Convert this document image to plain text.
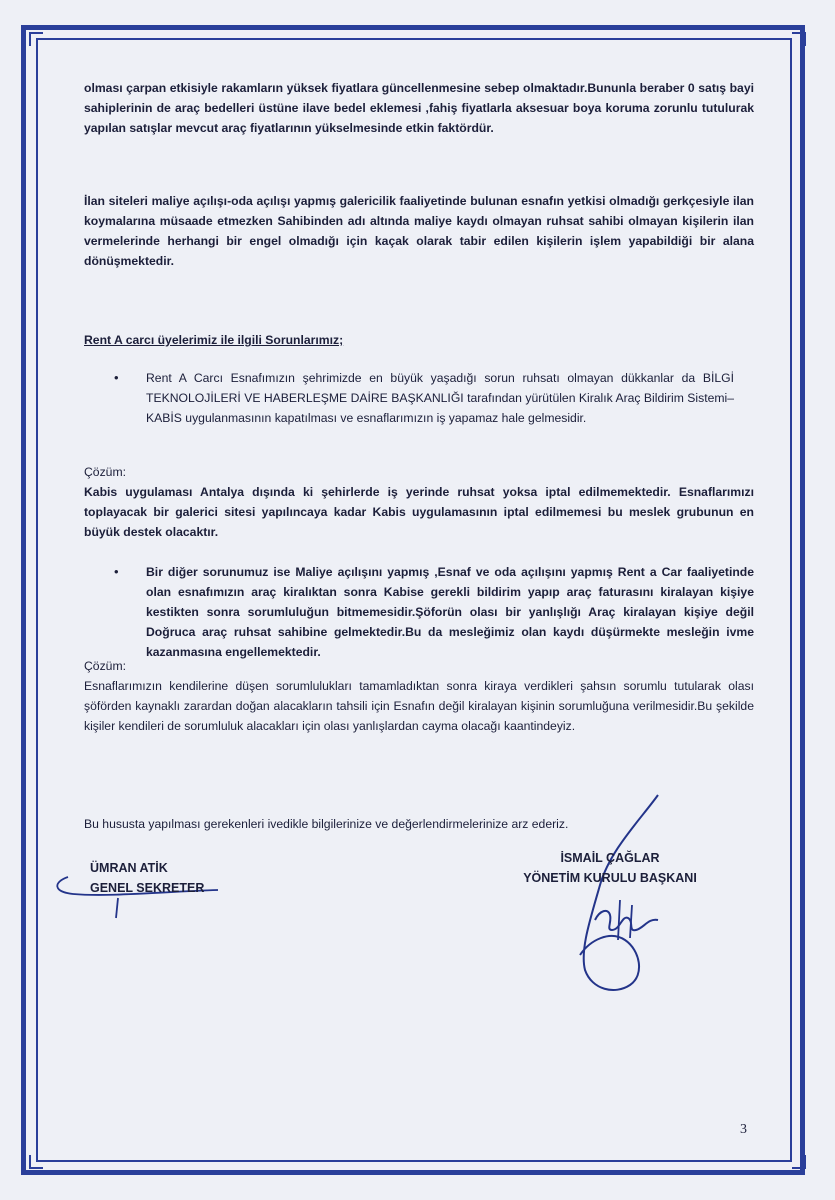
olması çarpan etkisiyle rakamların yüksek fiyatlara güncellenmesine sebep olmaktadır.Bununla beraber 0 satış bayi sahiplerinin de araç bedelleri üstüne ilave bedel eklemesi ,fahiş fiyatlarla aksesuar boya koruma zorunlu tutulurak yapılan satışlar mevcut araç fiyatlarının yükselmesinde etkin faktördür.

İlan siteleri maliye açılışı-oda açılışı yapmış galericilik faaliyetinde bulunan esnafın yetkisi olmadığı gerkçesiyle ilan koymalarına müsaade etmezken Sahibinden adı altında maliye kaydı olmayan ruhsat sahibi olmayan kişilerin ilan vermelerinde herhangi bir engel olmadığı için kaçak olarak tabir edilen kişilerin işlem yapabildiği bir alana dönüşmektedir.

Rent A carcı üyelerimiz ile ilgili Sorunlarımız;
•	Rent A Carcı Esnafımızın şehrimizde en büyük yaşadığı sorun ruhsatı olmayan dükkanlar da BİLGİ TEKNOLOJİLERİ VE HABERLEŞME DAİRE BAŞKANLIĞI tarafından yürütülen Kiralık Araç Bildirim Sistemi–KABİS uygulanmasının kapatılması ve esnaflarımızın iş yapamaz hale gelmesidir.
Çözüm:

Kabis uygulaması Antalya dışında ki şehirlerde iş yerinde ruhsat yoksa iptal edilmemektedir. Esnaflarımızı toplayacak bir galerici sitesi yapılıncaya kadar Kabis uygulamasının iptal edilmemesi bu meslek grubunun en büyük destek olacaktır.

•	Bir diğer sorunumuz ise Maliye açılışını yapmış ,Esnaf ve oda açılışını yapmış Rent a Car faaliyetinde olan esnafımızın araç kiralıktan sonra Kabise gerekli bildirim yapıp araç faturasını kiralayan kişiye kestikten sonra sorumluluğun bitmemesidir.Şöforün olası bir yanlışlığı Araç kiralayan kişiye değil Doğruca araç ruhsat sahibine gelmektedir.Bu da mesleğimiz olan kaydı düşürmekte mesleğin ivme kazanmasına engellemektedir.
Çözüm:

Esnaflarımızın kendilerine düşen sorumlulukları tamamladıktan sonra kiraya verdikleri şahsın sorumlu tutularak olası şöförden kaynaklı zarardan doğan alacakların tahsili için Esnafın değil kiralayan kişinin sorumluğuna verilmesidir.Bu şekilde kişiler kendileri de sorumluluk alacakları için olası yanlışlardan cayma olacağı kaantindeyiz.

Bu hususta yapılması gerekenleri ivedikle bilgilerinize ve değerlendirmelerinize arz ederiz.

ÜMRAN ATİK
GENEL SEKRETER
İSMAİL ÇAĞLAR
YÖNETİM KURULU BAŞKANI
3
